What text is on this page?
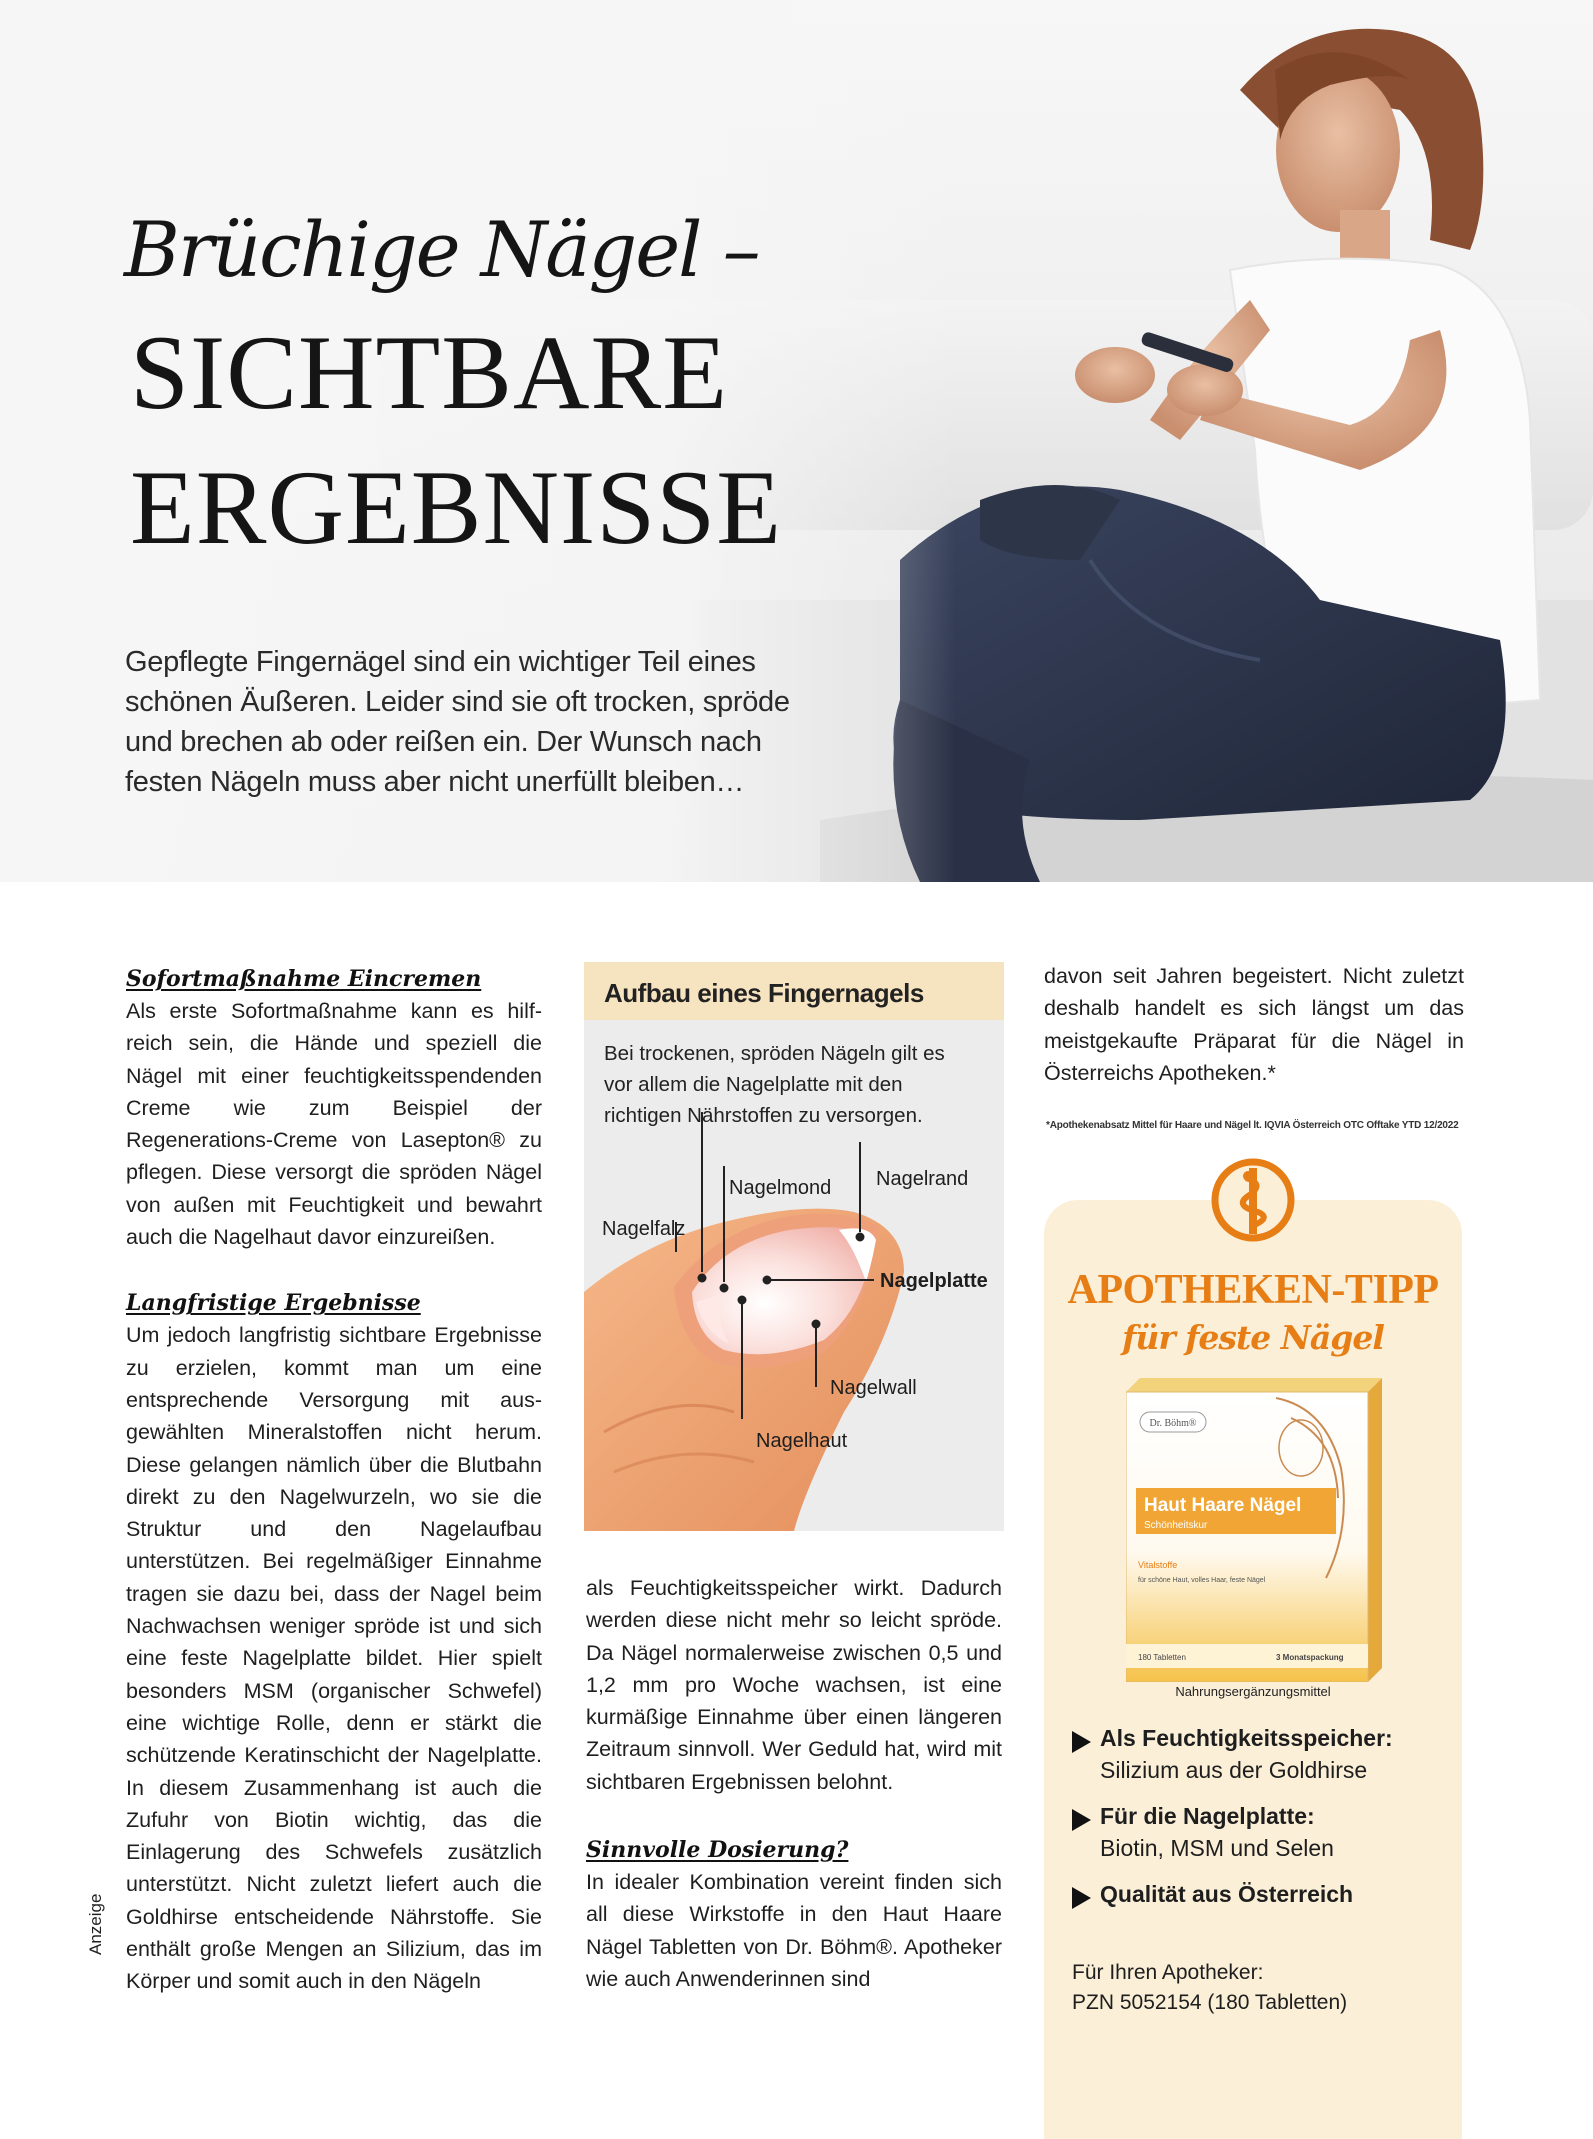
Brüchige Nägel –
SICHTBARE
ERGEBNISSE

Gepflegte Fingernägel sind ein wichtiger Teil eines schönen Äußeren. Leider sind sie oft trocken, spröde und brechen ab oder reißen ein. Der Wunsch nach festen Nägeln muss aber nicht unerfüllt bleiben…

Sofortmaßnahme Eincremen

Als erste Sofortmaßnahme kann es hilfreich sein, die Hände und speziell die Nägel mit einer feuchtigkeitsspendenden Creme wie zum Beispiel der Regenerations-Creme von Lasepton® zu pflegen. Diese versorgt die spröden Nägel von außen mit Feuchtigkeit und bewahrt auch die Nagelhaut davor einzureißen.

Langfristige Ergebnisse

Um jedoch langfristig sichtbare Ergebnisse zu erzielen, kommt man um eine entsprechende Versorgung mit ausgewählten Mineralstoffen nicht herum. Diese gelangen nämlich über die Blutbahn direkt zu den Nagelwurzeln, wo sie die Struktur und den Nagelaufbau unterstützen. Bei regelmäßiger Einnahme tragen sie dazu bei, dass der Nagel beim Nachwachsen weniger spröde ist und sich eine feste Nagelplatte bildet. Hier spielt besonders MSM (organischer Schwefel) eine wichtige Rolle, denn er stärkt die schützende Keratinschicht der Nagelplatte. In diesem Zusammenhang ist auch die Zufuhr von Biotin wichtig, das die Einlagerung des Schwefels zusätzlich unterstützt. Nicht zuletzt liefert auch die Goldhirse entscheidende Nährstoffe. Sie enthält große Mengen an Silizium, das im Körper und somit auch in den Nägeln

Aufbau eines Fingernagels
Bei trockenen, spröden Nägeln gilt es vor allem die Nagelplatte mit den richtigen Nährstoffen zu versorgen.
Nagelmond Nagelrand
Nagelfalz
Nagelplatte
Nagelwall
Nagelhaut

als Feuchtigkeitsspeicher wirkt. Dadurch werden diese nicht mehr so leicht spröde. Da Nägel normalerweise zwischen 0,5 und 1,2 mm pro Woche wachsen, ist eine kurmäßige Einnahme über einen längeren Zeitraum sinnvoll. Wer Geduld hat, wird mit sichtbaren Ergebnissen belohnt.

Sinnvolle Dosierung?

In idealer Kombination vereint finden sich all diese Wirkstoffe in den Haut Haare Nägel Tabletten von Dr. Böhm®. Apotheker wie auch Anwenderinnen sind

davon seit Jahren begeistert. Nicht zuletzt deshalb handelt es sich längst um das meistgekaufte Präparat für die Nägel in Österreichs Apotheken.*

*Apothekenabsatz Mittel für Haare und Nägel lt. IQVIA Österreich OTC Offtake YTD 12/2022
APOTHEKEN-TIPP
für feste Nägel
Dr. Böhm®
Haut Haare Nägel
Schönheitskur
Vitalstoffe
für schöne Haut, volles Haar, feste Nägel
180 Tabletten	3 Monatspackung
Nahrungsergänzungsmittel
Als Feuchtigkeitsspeicher:
Silizium aus der Goldhirse
Für die Nagelplatte:
Biotin, MSM und Selen
Qualität aus Österreich
Für Ihren Apotheker:
PZN 5052154 (180 Tabletten)
Anzeige
